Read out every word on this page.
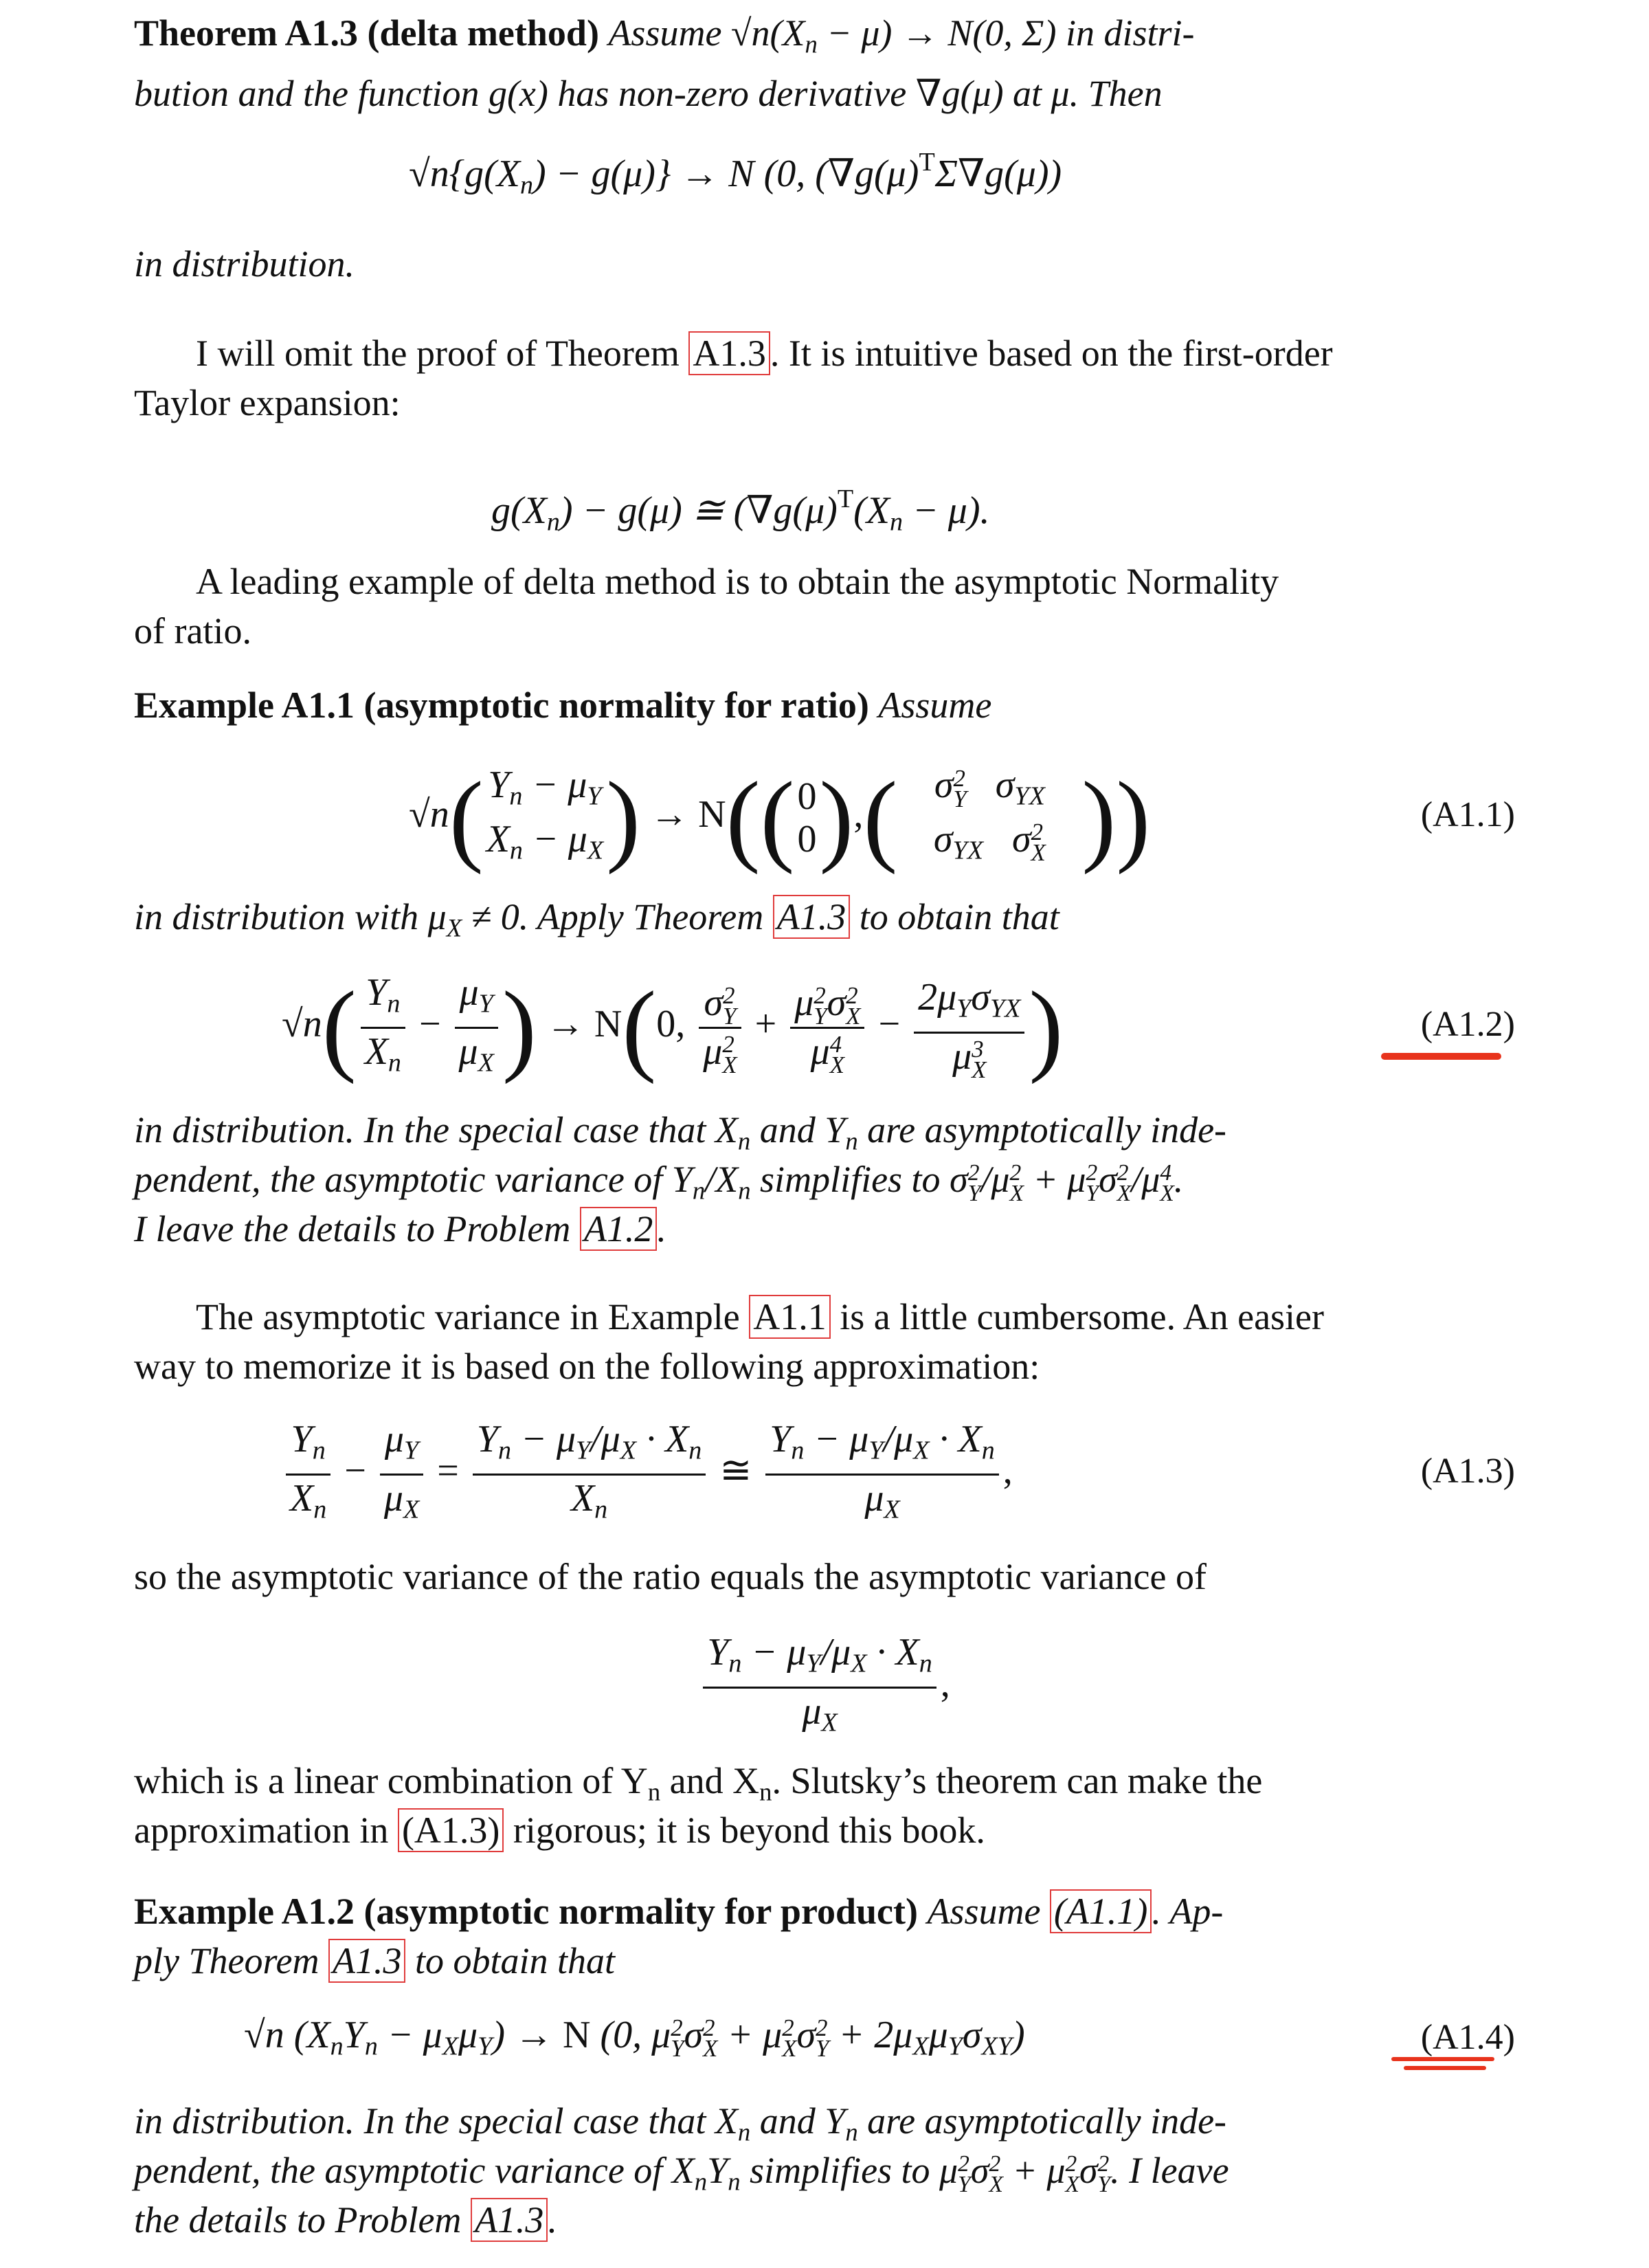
Theorem A1.3 (delta method) Assume $√n(X_n - \mu) \to N(0$, Σ) in distri-
bution and the function g(x) has non-zero derivative ∇g(μ) at μ. Then
$√n\{g(X_n) - g(\mu)\} \to N$ (0, $(\nabla g(\mu)^T\Sigma\nabla g(\mu))$
in distribution.
I will omit the proof of Theorem A1.3 . It is intuitive based on the first-order
Taylor expansion:
$g(X_n) - g(\mu)$ ≅ ($\nabla g(\mu)^T(X_n - \mu)$.
A leading example of delta method is to obtain the asymptotic Normality
of ratio.
Example A1.1 (asymptotic normality for ratio) Assume
√n( $Y_n - \mu_Y$
$X_n - \mu_X$ ) → N(( 0
0 ),( σ 2
Y $\sigma_{YX}$
$\sigma_{YX}$ σ 2
X ))	(A1.1)
in distribution with $\mu_X \ne 0$. Apply Theorem A1.3 to obtain that
$√n( \frac{Y_n}{X_n} - \frac{\mu_Y}{\mu_X}$ ) → N(0, σ 2
Y
μ 2
X + μ 2
Y σ 2
X
μ 4
$X - 2\mu_Y\sigma_{YX}$
μ 3
X )	(A1.2)
in distribution. In the special case that $X_n$ and $Y_n$ are asymptotically inde-
pendent, the asymptotic variance of $Y_n/X_n$ simplifies to σ 2
Y /μ 2
X + μ 2
Y σ 2
X /μ 4
X .
I leave the details to Problem A1.2 .
The asymptotic variance in Example A1.1 is a little cumbersome. An easier
way to memorize it is based on the following approximation:
$\frac{Y_n}{X_n} - \frac{\mu_Y}{\mu_X} = \frac{Y_n - \mu_Y/\mu_X \cdot X_n}{X_n}$ ≅ $\frac{Y_n - \mu_Y/\mu_X \cdot X_n}{\mu_X}$ ,	(A1.3)
so the asymptotic variance of the ratio equals the asymptotic variance of
$\frac{Y_n - \mu_Y/\mu_X \cdot X_n}{\mu_X}$ ,
which is a linear combination of $Y_n$ and $X_n$. Slutsky’s theorem can make the
approximation in (A1.3) rigorous; it is beyond this book.
Example A1.2 (asymptotic normality for product) Assume (A1.1) . Ap-
ply Theorem A1.3 to obtain that
√n $(X_nY_n - \mu_X\mu_Y) \to N$ (0, μ 2
Y σ 2
X + μ 2
X σ 2
$Y + 2\mu_X\mu_Y\sigma_{XY}$)	(A1.4)
in distribution. In the special case that $X_n$ and $Y_n$ are asymptotically inde-
pendent, the asymptotic variance of $X_nY_n$ simplifies to μ 2
Y σ 2
X + μ 2
X σ 2
Y . I leave
the details to Problem A1.3 .
